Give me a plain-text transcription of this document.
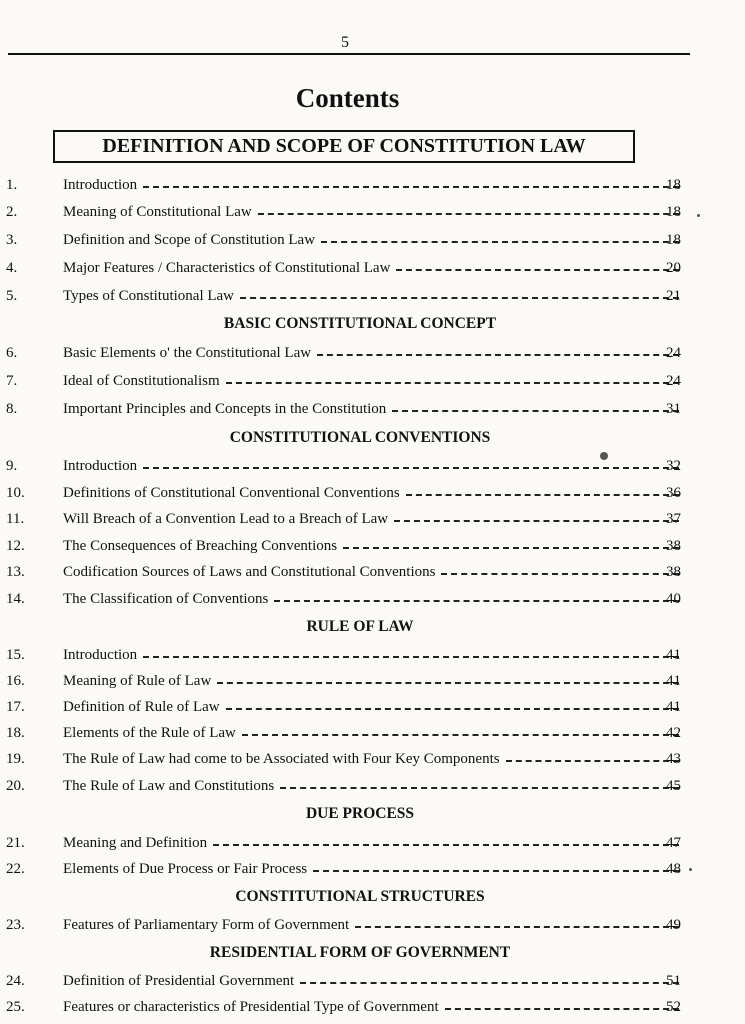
5
Contents
DEFINITION AND SCOPE OF CONSTITUTION LAW
1.	Introduction	18
2.	Meaning of Constitutional Law	18
3.	Definition and Scope of Constitution Law	18
4.	Major Features / Characteristics of Constitutional Law	20
5.	Types of Constitutional Law	21
BASIC CONSTITUTIONAL CONCEPT
6.	Basic Elements o' the Constitutional Law	24
7.	Ideal of Constitutionalism	24
8.	Important Principles and Concepts in the Constitution	31
CONSTITUTIONAL CONVENTIONS
9.	Introduction	32
10.	Definitions of Constitutional Conventional Conventions	36
11.	Will Breach of a Convention Lead to a Breach of Law	37
12.	The Consequences of Breaching Conventions	38
13.	Codification Sources of Laws and Constitutional Conventions	38
14.	The Classification of Conventions	40
RULE OF LAW
15.	Introduction	41
16.	Meaning of Rule of Law	41
17.	Definition of Rule of Law	41
18.	Elements of the Rule of Law	42
19.	The Rule of Law had come to be Associated with Four Key Components	43
20.	The Rule of Law and Constitutions	45
DUE PROCESS
21.	Meaning and Definition	47
22.	Elements of Due Process or Fair Process	48
CONSTITUTIONAL STRUCTURES
23.	Features of Parliamentary Form of Government	49
RESIDENTIAL FORM OF GOVERNMENT
24.	Definition of Presidential Government	51
25.	Features or characteristics of Presidential Type of Government	52
